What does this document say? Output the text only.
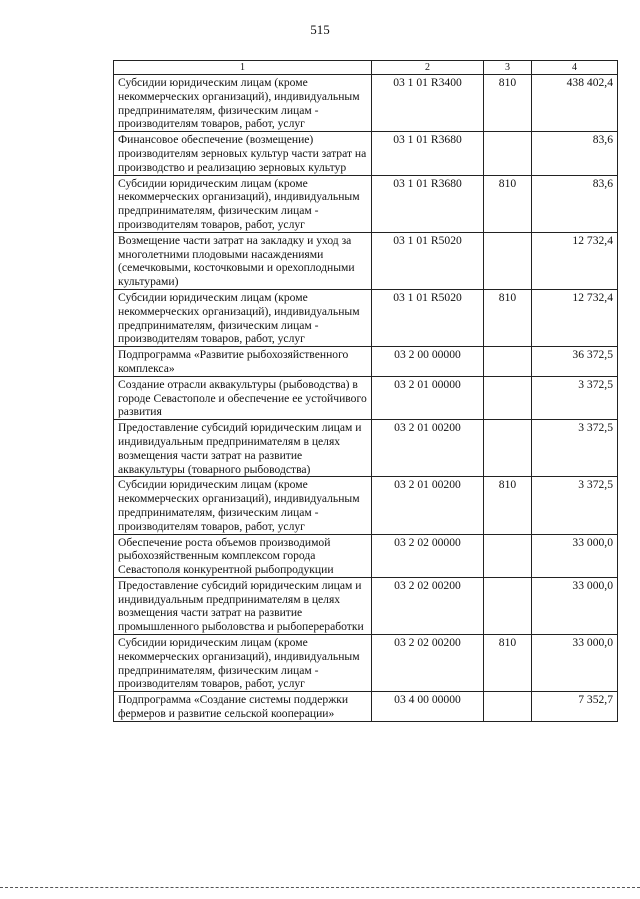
515
1	2	3	4
Субсидии юридическим лицам (кроме некоммерческих организаций), индивидуальным предпринимателям, физическим лицам - производителям товаров, работ, услуг	03 1 01 R3400	810	438 402,4
Финансовое обеспечение (возмещение) производителям зерновых культур части затрат на производство и реализацию зерновых культур	03 1 01 R3680		83,6
Субсидии юридическим лицам (кроме некоммерческих организаций), индивидуальным предпринимателям, физическим лицам - производителям товаров, работ, услуг	03 1 01 R3680	810	83,6
Возмещение части затрат на закладку и уход за многолетними плодовыми насаждениями (семечковыми, косточковыми и орехоплодными культурами)	03 1 01 R5020		12 732,4
Субсидии юридическим лицам (кроме некоммерческих организаций), индивидуальным предпринимателям, физическим лицам - производителям товаров, работ, услуг	03 1 01 R5020	810	12 732,4
Подпрограмма «Развитие рыбохозяйственного комплекса»	03 2 00 00000		36 372,5
Создание отрасли аквакультуры (рыбоводства) в городе Севастополе и обеспечение ее устойчивого развития	03 2 01 00000		3 372,5
Предоставление субсидий юридическим лицам и индивидуальным предпринимателям в целях возмещения части затрат на развитие аквакультуры (товарного рыбоводства)	03 2 01 00200		3 372,5
Субсидии юридическим лицам (кроме некоммерческих организаций), индивидуальным предпринимателям, физическим лицам - производителям товаров, работ, услуг	03 2 01 00200	810	3 372,5
Обеспечение роста объемов производимой рыбохозяйственным комплексом города Севастополя конкурентной рыбопродукции	03 2 02 00000		33 000,0
Предоставление субсидий юридическим лицам и индивидуальным предпринимателям в целях возмещения части затрат на развитие промышленного рыболовства и рыбопереработки	03 2 02 00200		33 000,0
Субсидии юридическим лицам (кроме некоммерческих организаций), индивидуальным предпринимателям, физическим лицам - производителям товаров, работ, услуг	03 2 02 00200	810	33 000,0
Подпрограмма «Создание системы поддержки фермеров и развитие сельской кооперации»	03 4 00 00000		7 352,7
